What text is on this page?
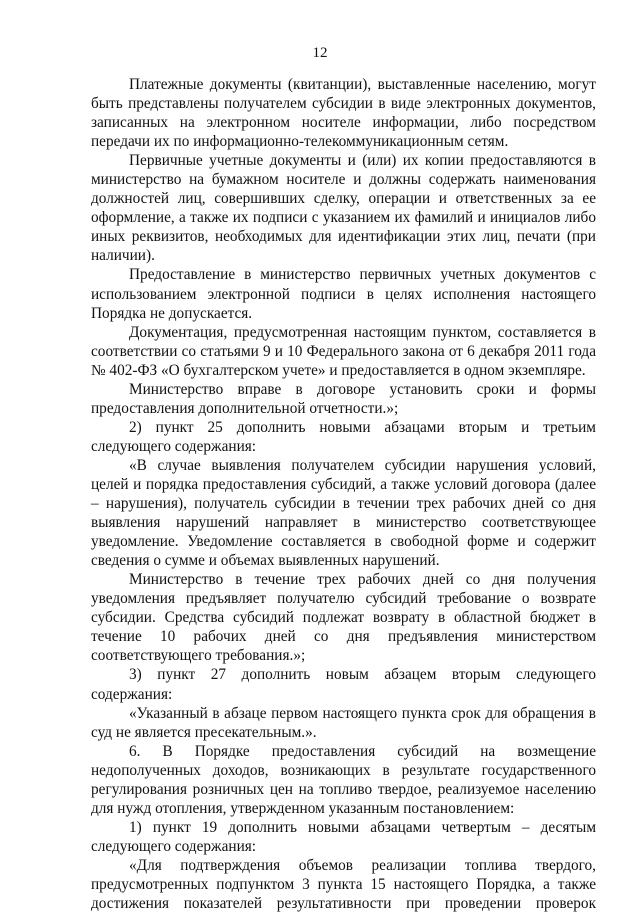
12

Платежные документы (квитанции), выставленные населению, могут быть представлены получателем субсидии в виде электронных документов, записанных на электронном носителе информации, либо посредством передачи их по информационно-телекоммуникационным сетям.

Первичные учетные документы и (или) их копии предоставляются в министерство на бумажном носителе и должны содержать наименования должностей лиц, совершивших сделку, операции и ответственных за ее оформление, а также их подписи с указанием их фамилий и инициалов либо иных реквизитов, необходимых для идентификации этих лиц, печати (при наличии).

Предоставление в министерство первичных учетных документов с использованием электронной подписи в целях исполнения настоящего Порядка не допускается.

Документация, предусмотренная настоящим пунктом, составляется в соответствии со статьями 9 и 10 Федерального закона от 6 декабря 2011 года № 402-ФЗ «О бухгалтерском учете» и предоставляется в одном экземпляре.

Министерство вправе в договоре установить сроки и формы предоставления дополнительной отчетности.»;

2) пункт 25 дополнить новыми абзацами вторым и третьим следующего содержания:

«В случае выявления получателем субсидии нарушения условий, целей и порядка предоставления субсидий, а также условий договора (далее – нарушения), получатель субсидии в течении трех рабочих дней со дня выявления нарушений направляет в министерство соответствующее уведомление. Уведомление составляется в свободной форме и содержит сведения о сумме и объемах выявленных нарушений.

Министерство в течение трех рабочих дней со дня получения уведомления предъявляет получателю субсидий требование о возврате субсидии. Средства субсидий подлежат возврату в областной бюджет в течение 10 рабочих дней со дня предъявления министерством соответствующего требования.»;

3) пункт 27 дополнить новым абзацем вторым следующего содержания:

«Указанный в абзаце первом настоящего пункта срок для обращения в суд не является пресекательным.».

6. В Порядке предоставления субсидий на возмещение недополученных доходов, возникающих в результате государственного регулирования розничных цен на топливо твердое, реализуемое населению для нужд отопления, утвержденном указанным постановлением:

1) пункт 19 дополнить новыми абзацами четвертым – десятым следующего содержания:

«Для подтверждения объемов реализации топлива твердого, предусмотренных подпунктом 3 пункта 15 настоящего Порядка, а также достижения показателей результативности при проведении проверок
